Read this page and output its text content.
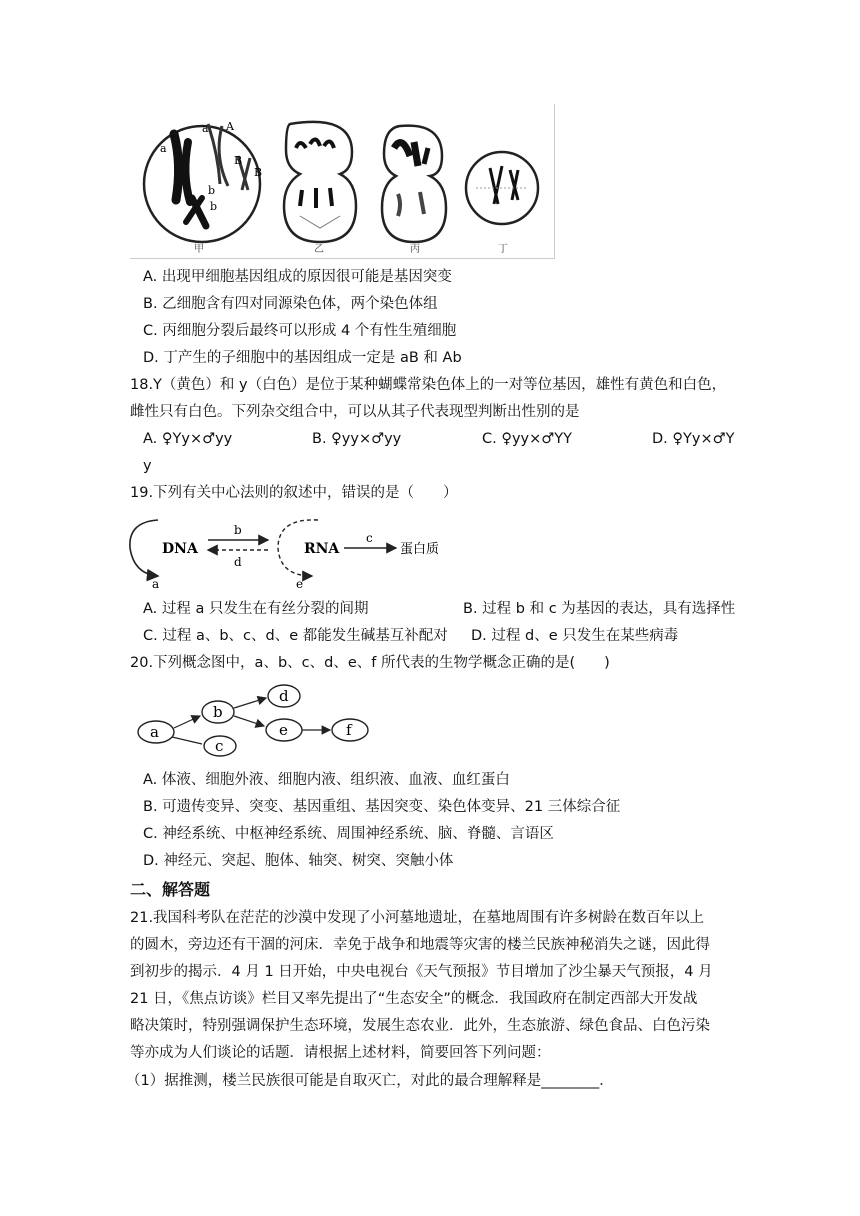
a
a A
B
b
B
b
乙	丙	丁
甲
A. 出现甲细胞基因组成的原因很可能是基因突变
B. 乙细胞含有四对同源染色体，两个染色体组
C. 丙细胞分裂后最终可以形成 4 个有性生殖细胞
D. 丁产生的子细胞中的基因组成一定是 aB 和 Ab
18.Y（黄色）和 y（白色）是位于某种蝴蝶常染色体上的一对等位基因，雄性有黄色和白色，
雌性只有白色。下列杂交组合中，可以从其子代表现型判断出性别的是
A. ♀Yy×♂yy	B. ♀yy×♂yy	C. ♀yy×♂YY	D. ♀Yy×♂Y
y
19.下列有关中心法则的叙述中，错误的是（　　）
DNA
b
d
RNA
c
蛋白质
a	e
A. 过程 a 只发生在有丝分裂的间期	B. 过程 b 和 c 为基因的表达，具有选择性
C. 过程 a、b、c、d、e 都能发生碱基互补配对 D. 过程 d、e 只发生在某些病毒
20.下列概念图中，a、b、c、d、e、f 所代表的生物学概念正确的是(　　)
a
b
c
d
e	f
A. 体液、细胞外液、细胞内液、组织液、血液、血红蛋白
B. 可遗传变异、突变、基因重组、基因突变、染色体变异、21 三体综合征
C. 神经系统、中枢神经系统、周围神经系统、脑、脊髓、言语区
D. 神经元、突起、胞体、轴突、树突、突触小体
二、解答题
21.我国科考队在茫茫的沙漠中发现了小河墓地遗址，在墓地周围有许多树龄在数百年以上
的圆木，旁边还有干涸的河床．幸免于战争和地震等灾害的楼兰民族神秘消失之谜，因此得
到初步的揭示．4 月 1 日开始，中央电视台《天气预报》节目增加了沙尘暴天气预报，4 月
21 日，《焦点访谈》栏目又率先提出了“生态安全”的概念．我国政府在制定西部大开发战
略决策时，特别强调保护生态环境，发展生态农业．此外，生态旅游、绿色食品、白色污染
等亦成为人们谈论的话题．请根据上述材料，简要回答下列问题：
（1）据推测，楼兰民族很可能是自取灭亡，对此的最合理解释是________．
